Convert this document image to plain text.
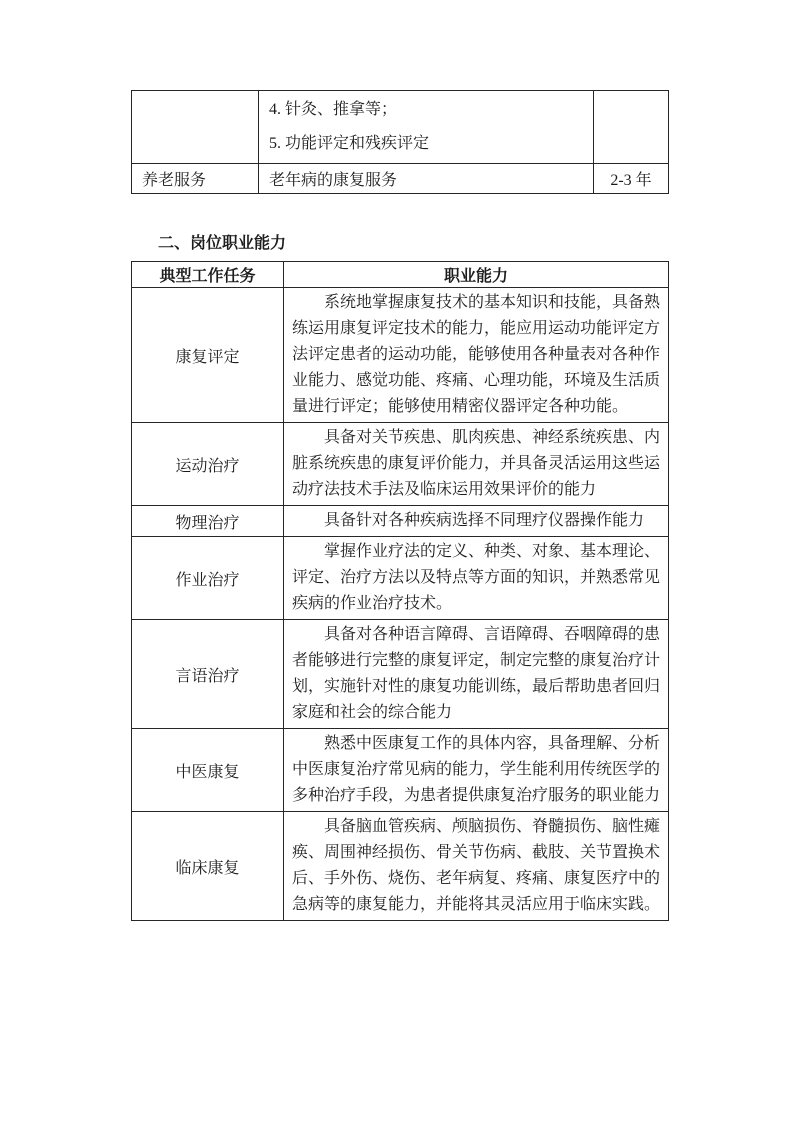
	4. 针灸、推拿等；

5. 功能评定和残疾评定	

养老服务	老年病的康复服务	2-3 年
二、岗位职业能力
典型工作任务	职业能力
康复评定	系统地掌握康复技术的基本知识和技能，具备熟练运用康复评定技术的能力，能应用运动功能评定方法评定患者的运动功能，能够使用各种量表对各种作业能力、感觉功能、疼痛、心理功能，环境及生活质量进行评定；能够使用精密仪器评定各种功能。

运动治疗	具备对关节疾患、肌肉疾患、神经系统疾患、内脏系统疾患的康复评价能力，并具备灵活运用这些运动疗法技术手法及临床运用效果评价的能力

物理治疗	具备针对各种疾病选择不同理疗仪器操作能力

作业治疗	掌握作业疗法的定义、种类、对象、基本理论、评定、治疗方法以及特点等方面的知识，并熟悉常见疾病的作业治疗技术。

言语治疗	具备对各种语言障碍、言语障碍、吞咽障碍的患者能够进行完整的康复评定，制定完整的康复治疗计划，实施针对性的康复功能训练，最后帮助患者回归家庭和社会的综合能力

中医康复	熟悉中医康复工作的具体内容，具备理解、分析中医康复治疗常见病的能力，学生能利用传统医学的多种治疗手段，为患者提供康复治疗服务的职业能力

临床康复	具备脑血管疾病、颅脑损伤、脊髓损伤、脑性瘫痪、周围神经损伤、骨关节伤病、截肢、关节置换术后、手外伤、烧伤、老年病复、疼痛、康复医疗中的急病等的康复能力，并能将其灵活应用于临床实践。
